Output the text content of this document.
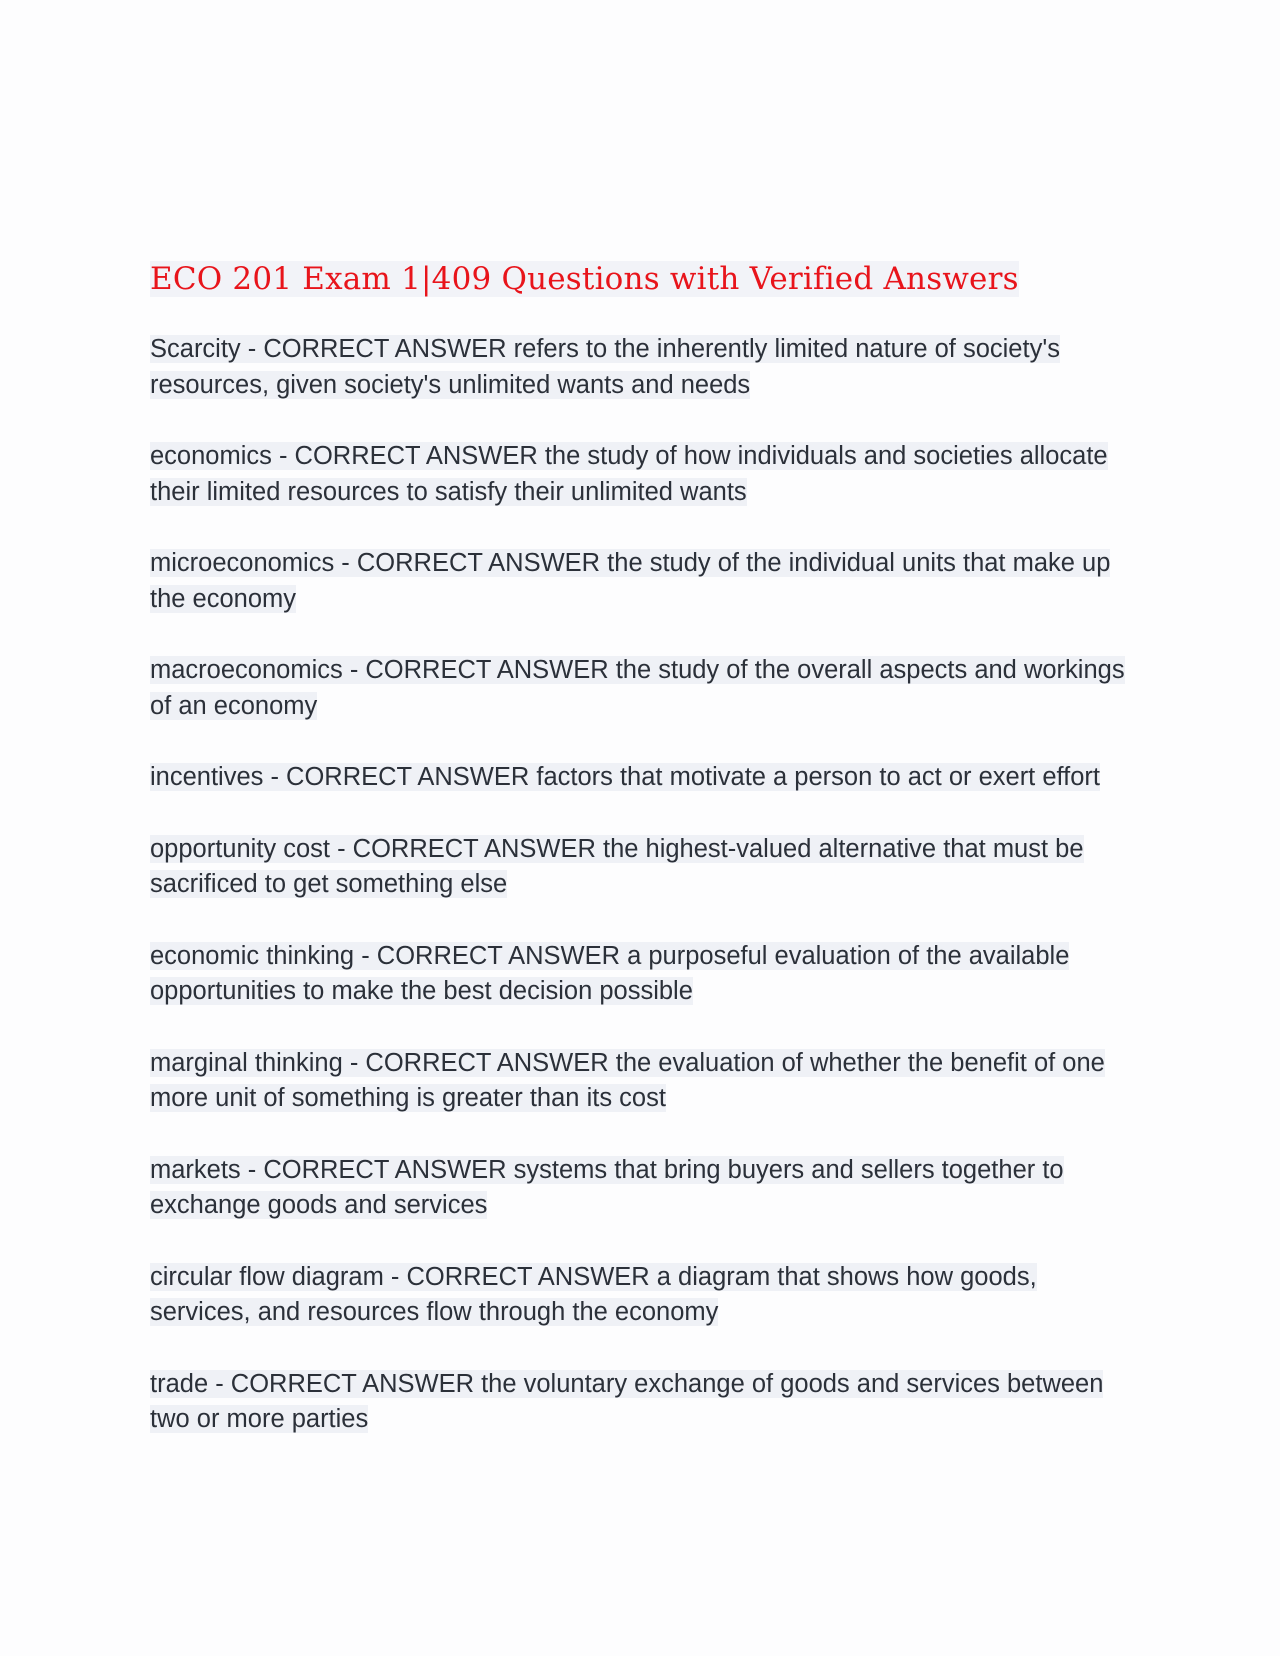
ECO 201 Exam 1|409 Questions with Verified Answers

Scarcity - CORRECT ANSWER refers to the inherently limited nature of society's resources, given society's unlimited wants and needs

economics - CORRECT ANSWER the study of how individuals and societies allocate their limited resources to satisfy their unlimited wants

microeconomics - CORRECT ANSWER the study of the individual units that make up the economy

macroeconomics - CORRECT ANSWER the study of the overall aspects and workings of an economy

incentives - CORRECT ANSWER factors that motivate a person to act or exert effort

opportunity cost - CORRECT ANSWER the highest-valued alternative that must be sacrificed to get something else

economic thinking - CORRECT ANSWER a purposeful evaluation of the available opportunities to make the best decision possible

marginal thinking - CORRECT ANSWER the evaluation of whether the benefit of one more unit of something is greater than its cost

markets - CORRECT ANSWER systems that bring buyers and sellers together to exchange goods and services

circular flow diagram - CORRECT ANSWER a diagram that shows how goods, services, and resources flow through the economy

trade - CORRECT ANSWER the voluntary exchange of goods and services between two or more parties
